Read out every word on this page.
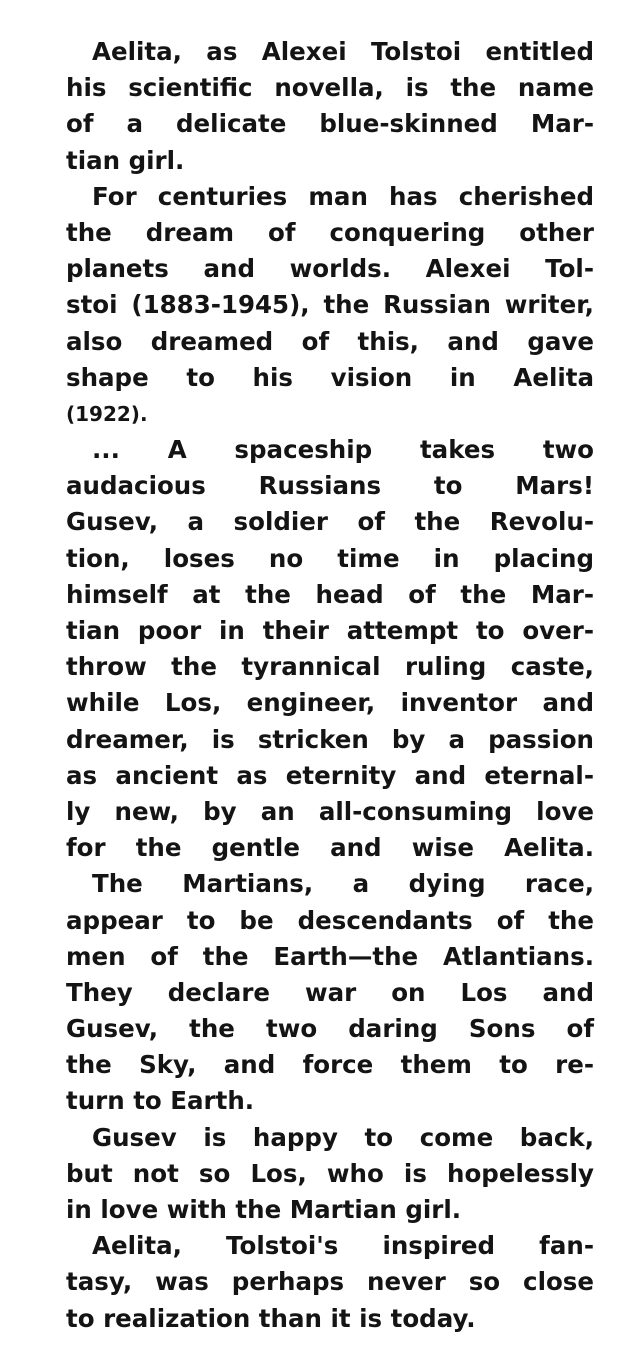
Aelita, as Alexei Tolstoi entitled
his scientific novella, is the name
of a delicate blue-skinned Mar-
tian girl.
For centuries man has cherished
the dream of conquering other
planets and worlds. Alexei Tol-
stoi (1883-1945), the Russian writer,
also dreamed of this, and gave
shape to his vision in Aelita
(1922).
... A spaceship takes two
audacious Russians to Mars!
Gusev, a soldier of the Revolu-
tion, loses no time in placing
himself at the head of the Mar-
tian poor in their attempt to over-
throw the tyrannical ruling caste,
while Los, engineer, inventor and
dreamer, is stricken by a passion
as ancient as eternity and eternal-
ly new, by an all-consuming love
for the gentle and wise Aelita.
The Martians, a dying race,
appear to be descendants of the
men of the Earth—the Atlantians.
They declare war on Los and
Gusev, the two daring Sons of
the Sky, and force them to re-
turn to Earth.
Gusev is happy to come back,
but not so Los, who is hopelessly
in love with the Martian girl.
Aelita, Tolstoi's inspired fan-
tasy, was perhaps never so close
to realization than it is today.
